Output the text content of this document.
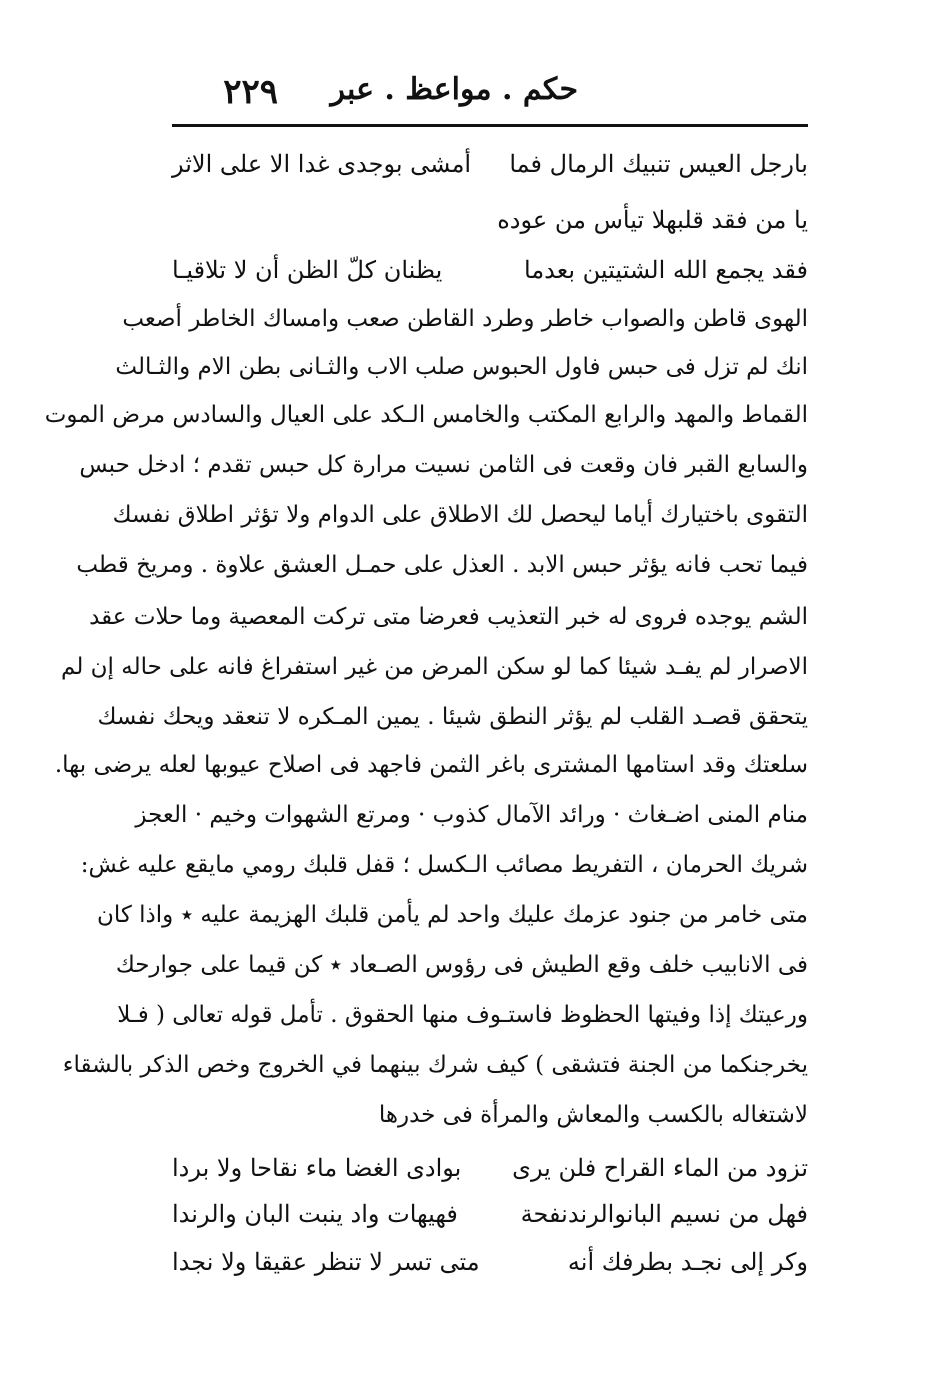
حكم . مواعظ . عبر
٢٢٩
بارجل العيس تنبيك الرمال فما
أمشى بوجدى غدا الا على الاثر
يا من فقد قلبهلا تيأس من عوده
فقد يجمع الله الشتيتين بعدما
يظنان كلّ الظن أن لا تلاقيـا
الهوى قاطن والصواب خاطر وطرد القاطن صعب وامساك الخاطر أصعب
انك لم تزل فى حبس فاول الحبوس صلب الاب والثـانى بطن الام والثـالث
القماط والمهد والرابع المكتب والخامس الـكد على العيال والسادس مرض الموت
والسابع القبر فان وقعت فى الثامن نسيت مرارة كل حبس تقدم ؛ ادخل حبس
التقوى باختيارك أياما ليحصل لك الاطلاق على الدوام ولا تؤثر اطلاق نفسك
فيما تحب فانه يؤثر حبس الابد . العذل على حمـل العشق علاوة . ومريخ قطب
الشم يوجده فروى له خبر التعذيب فعرضا متى تركت المعصية وما حلات عقد
الاصرار لم يفـد شيئا كما لو سكن المرض من غير استفراغ فانه على حاله إن لم
يتحقق قصـد القلب لم يؤثر النطق شيئا . يمين المـكره لا تنعقد ويحك نفسك
سلعتك وقد استامها المشترى باغر الثمن فاجهد فى اصلاح عيوبها لعله يرضى بها.
منام المنى اضـغاث · ورائد الآمال كذوب · ومرتع الشهوات وخيم · العجز
شريك الحرمان ، التفريط مصائب الـكسل ؛ قفل قلبك رومي مايقع عليه غش:
متى خامر من جنود عزمك عليك واحد لم يأمن قلبك الهزيمة عليه ٭ واذا كان
فى الانابيب خلف وقع الطيش فى رؤوس الصـعاد ٭ كن قيما على جوارحك
ورعيتك إذا وفيتها الحظوظ فاستـوف منها الحقوق . تأمل قوله تعالى ( فـلا
يخرجنكما من الجنة فتشقى ) كيف شرك بينهما في الخروج وخص الذكر بالشقاء
لاشتغاله بالكسب والمعاش والمرأة فى خدرها
تزود من الماء القراح فلن يرى
بوادى الغضا ماء نقاحا ولا بردا
فهل من نسيم البانوالرندنفحة
فهيهات واد ينبت البان والرندا
وكر إلى نجـد بطرفك أنه
متى تسر لا تنظر عقيقا ولا نجدا
